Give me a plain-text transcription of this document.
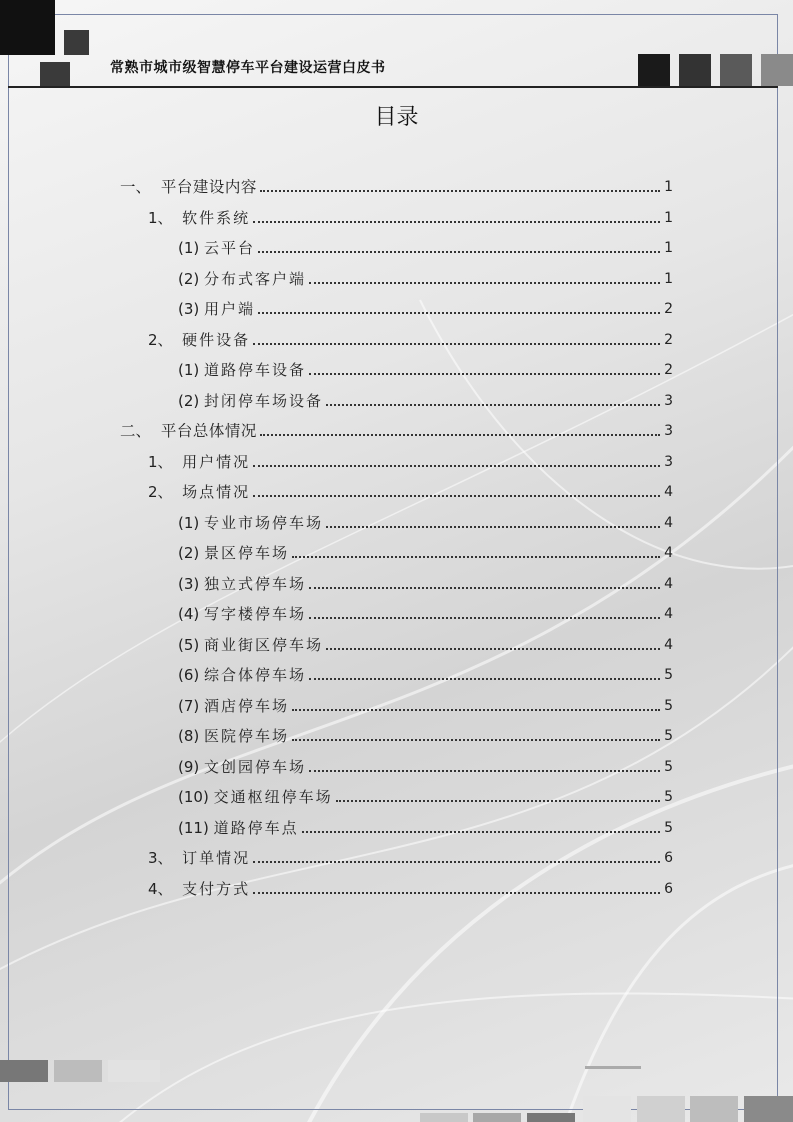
常熟市城市级智慧停车平台建设运营白皮书
目录
一、 平台建设内容	1
1、 软件系统	1
(1) 云平台	1
(2) 分布式客户端	1
(3) 用户端	2
2、 硬件设备	2
(1) 道路停车设备	2
(2) 封闭停车场设备	3
二、 平台总体情况	3
1、 用户情况	3
2、 场点情况	4
(1) 专业市场停车场	4
(2) 景区停车场	4
(3) 独立式停车场	4
(4) 写字楼停车场	4
(5) 商业街区停车场	4
(6) 综合体停车场	5
(7) 酒店停车场	5
(8) 医院停车场	5
(9) 文创园停车场	5
(10) 交通枢纽停车场	5
(11) 道路停车点	5
3、 订单情况	6
4、 支付方式	6
